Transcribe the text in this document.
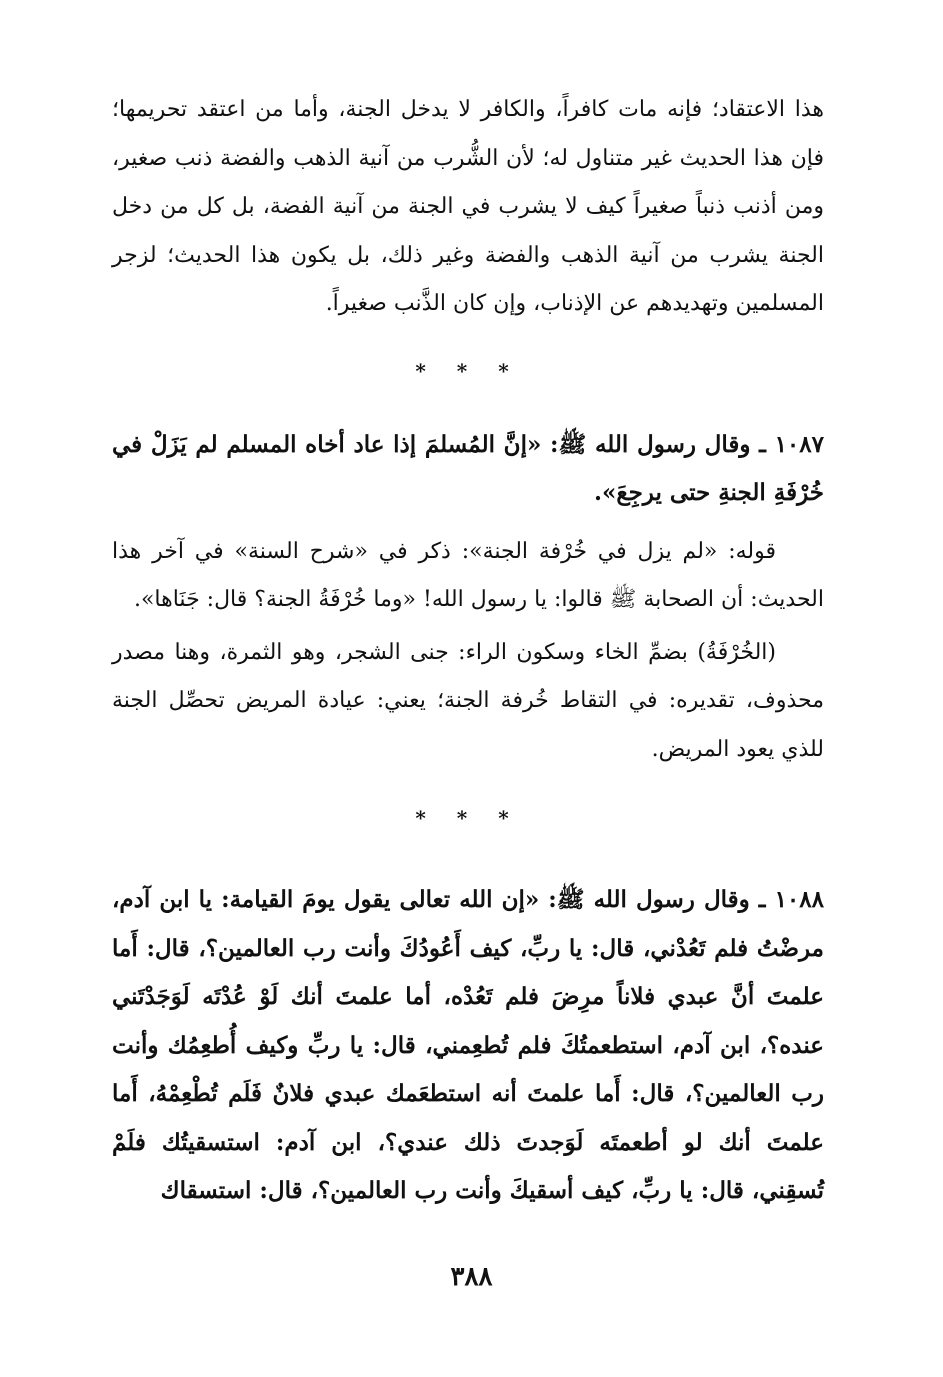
هذا الاعتقاد؛ فإنه مات كافراً، والكافر لا يدخل الجنة، وأما من اعتقد تحريمها؛ فإن هذا الحديث غير متناول له؛ لأن الشُّرب من آنية الذهب والفضة ذنب صغير، ومن أذنب ذنباً صغيراً كيف لا يشرب في الجنة من آنية الفضة، بل كل من دخل الجنة يشرب من آنية الذهب والفضة وغير ذلك، بل يكون هذا الحديث؛ لزجر المسلمين وتهديدهم عن الإذناب، وإن كان الذَّنب صغيراً.

* * *

١٠٨٧ ـ وقال رسول الله ﷺ: «إنَّ المُسلمَ إذا عاد أخاه المسلم لم يَزَلْ في خُرْفَةِ الجنةِ حتى يرجِعَ».

قوله: «لم يزل في خُرْفة الجنة»: ذكر في «شرح السنة» في آخر هذا الحديث: أن الصحابة ﷺ قالوا: يا رسول الله! «وما خُرْفَةُ الجنة؟ قال: جَنَاها».

(الخُرْفَةُ) بضمِّ الخاء وسكون الراء: جنى الشجر، وهو الثمرة، وهنا مصدر محذوف، تقديره: في التقاط خُرفة الجنة؛ يعني: عيادة المريض تحصِّل الجنة للذي يعود المريض.

* * *

١٠٨٨ ـ وقال رسول الله ﷺ: «إن الله تعالى يقول يومَ القيامة: يا ابن آدم، مرضْتُ فلم تَعُدْني، قال: يا ربِّ، كيف أَعُودُكَ وأنت رب العالمين؟، قال: أَما علمتَ أنَّ عبدي فلاناً مرِضَ فلم تَعُدْه، أما علمتَ أنك لَوْ عُدْتَه لَوَجَدْتَني عنده؟، ابن آدم، استطعمتُكَ فلم تُطعِمني، قال: يا ربِّ وكيف أُطعِمُك وأنت رب العالمين؟، قال: أَما علمتَ أنه استطعَمك عبدي فلانٌ فَلَم تُطْعِمْهُ، أَما علمتَ أنك لو أطعمتَه لَوَجدتَ ذلك عندي؟، ابن آدم: استسقيتُك فلَمْ تُسقِني، قال: يا ربِّ، كيف أسقيكَ وأنت رب العالمين؟، قال: استسقاك

٣٨٨
